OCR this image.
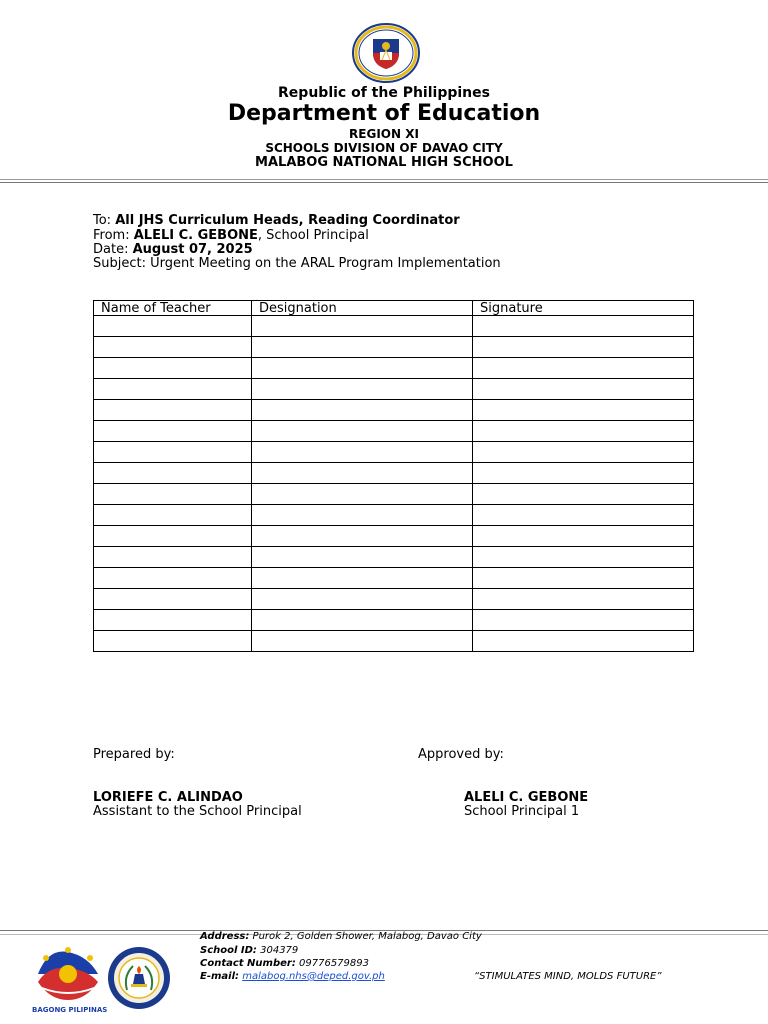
Republic of the Philippines
Department of Education
REGION XI
SCHOOLS DIVISION OF DAVAO CITY
MALABOG NATIONAL HIGH SCHOOL
To: All JHS Curriculum Heads, Reading Coordinator
From: ALELI C. GEBONE, School Principal
Date: August 07, 2025
Subject: Urgent Meeting on the ARAL Program Implementation
Name of Teacher	Designation	Signature

Prepared by:	Approved by:
LORIEFE C. ALINDAO
Assistant to the School Principal
ALELI C. GEBONE
School Principal 1
BAGONG PILIPINAS
Address: Purok 2, Golden Shower, Malabog, Davao City
School ID: 304379
Contact Number: 09776579893
E-mail: malabog.nhs@deped.gov.ph	“STIMULATES MIND, MOLDS FUTURE”
